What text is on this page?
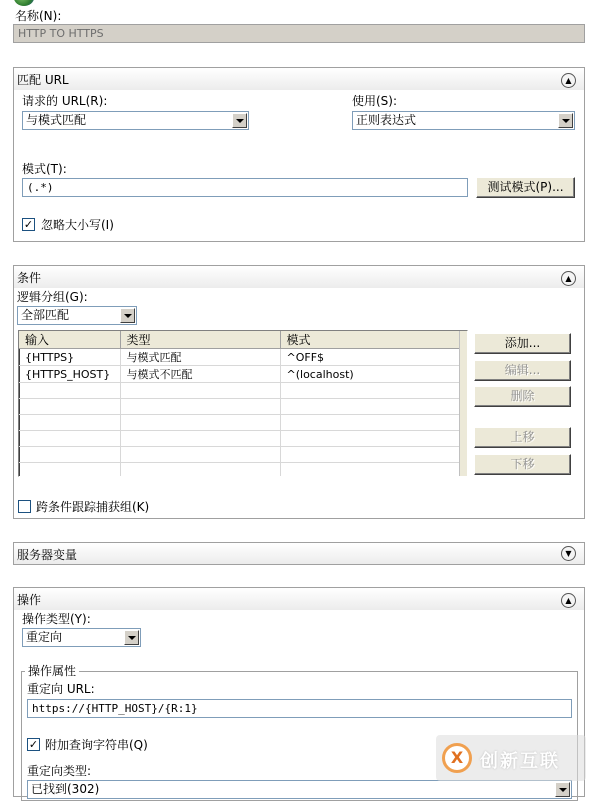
名称(N):
HTTP TO HTTPS
匹配 URL	▲
请求的 URL(R):
与模式匹配
使用(S):
正则表达式
模式(T):
(.*)	测试模式(P)...
✓ 忽略大小写(I)
条件	▲
逻辑分组(G):
全部匹配
输入	类型	模式
{HTTPS}	与模式匹配	^OFF$
{HTTPS_HOST}	与模式不匹配	^(localhost)

添加...
编辑...
删除
上移
下移
跨条件跟踪捕获组(K)
服务器变量	▼
操作	▲
操作类型(Y):
重定向
操作属性
重定向 URL:
https://{HTTP_HOST}/{R:1}
✓ 附加查询字符串(Q)
重定向类型:
已找到(302)
X 创新互联
